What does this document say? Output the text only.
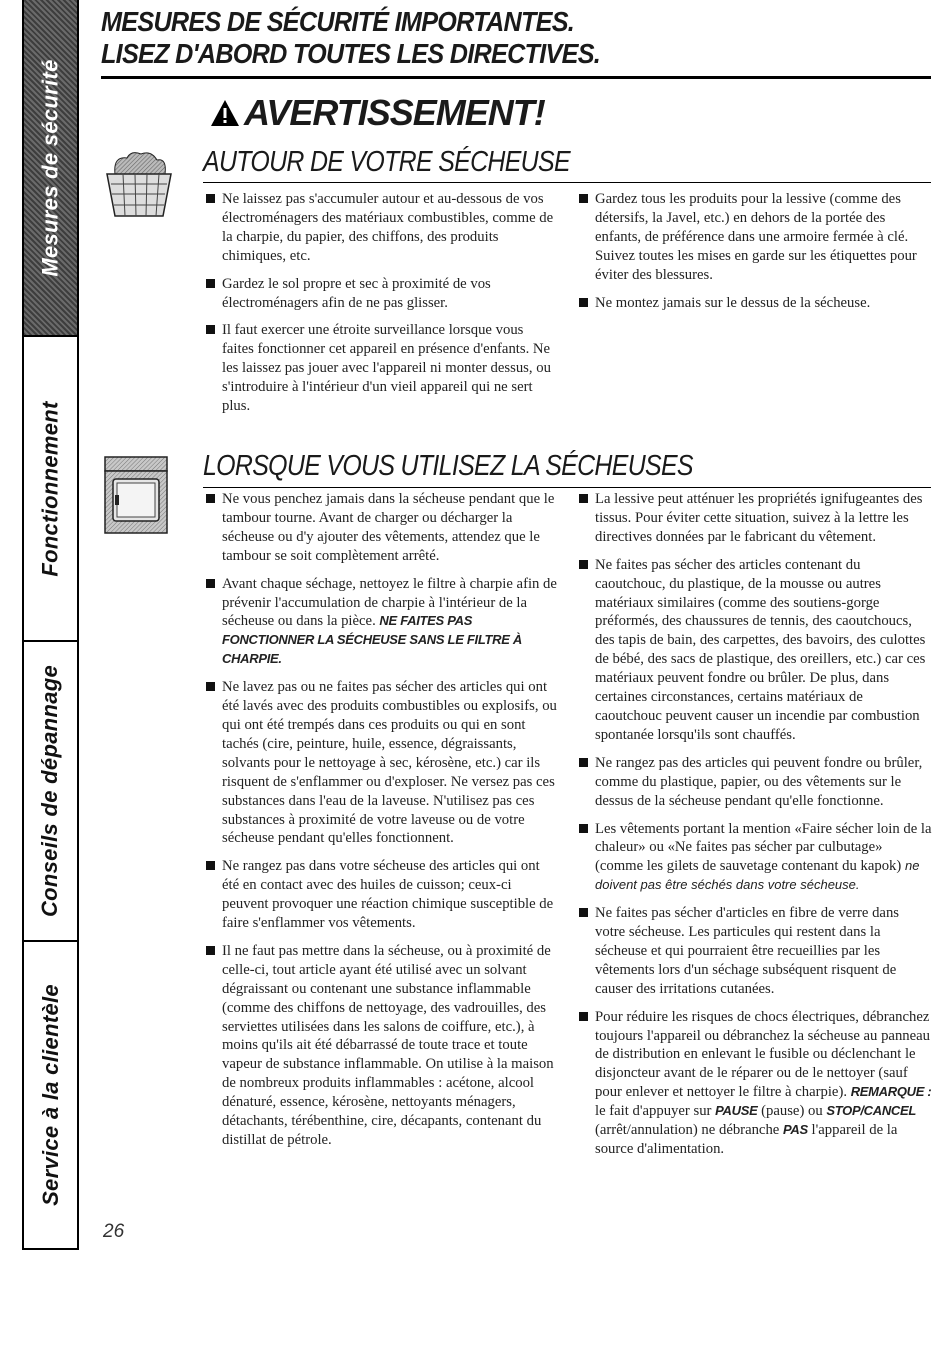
Mesures de sécurité
Fonctionnement
Conseils de dépannage
Service à la clientèle
MESURES DE SÉCURITÉ IMPORTANTES.
LISEZ D'ABORD TOUTES LES DIRECTIVES.
AVERTISSEMENT!
AUTOUR DE VOTRE SÉCHEUSE

Ne laissez pas s'accumuler autour et au-dessous de vos électroménagers des matériaux combustibles, comme de la charpie, du papier, des chiffons, des produits chimiques, etc.

Gardez le sol propre et sec à proximité de vos électroménagers afin de ne pas glisser.

Il faut exercer une étroite surveillance lorsque vous faites fonctionner cet appareil en présence d'enfants. Ne les laissez pas jouer avec l'appareil ni monter dessus, ou s'introduire à l'intérieur d'un vieil appareil qui ne sert plus.

Gardez tous les produits pour la lessive (comme des détersifs, la Javel, etc.) en dehors de la portée des enfants, de préférence dans une armoire fermée à clé. Suivez toutes les mises en garde sur les étiquettes pour éviter des blessures.

Ne montez jamais sur le dessus de la sécheuse.

LORSQUE VOUS UTILISEZ LA SÉCHEUSES

Ne vous penchez jamais dans la sécheuse pendant que le tambour tourne. Avant de charger ou décharger la sécheuse ou d'y ajouter des vêtements, attendez que le tambour se soit complètement arrêté.

Avant chaque séchage, nettoyez le filtre à charpie afin de prévenir l'accumulation de charpie à l'intérieur de la sécheuse ou dans la pièce. NE FAITES PAS FONCTIONNER LA SÉCHEUSE SANS LE FILTRE À CHARPIE.

Ne lavez pas ou ne faites pas sécher des articles qui ont été lavés avec des produits combustibles ou explosifs, ou qui ont été trempés dans ces produits ou qui en sont tachés (cire, peinture, huile, essence, dégraissants, solvants pour le nettoyage à sec, kérosène, etc.) car ils risquent de s'enflammer ou d'exploser. Ne versez pas ces substances dans l'eau de la laveuse. N'utilisez pas ces substances à proximité de votre laveuse ou de votre sécheuse pendant qu'elles fonctionnent.

Ne rangez pas dans votre sécheuse des articles qui ont été en contact avec des huiles de cuisson; ceux-ci peuvent provoquer une réaction chimique susceptible de faire s'enflammer vos vêtements.

Il ne faut pas mettre dans la sécheuse, ou à proximité de celle-ci, tout article ayant été utilisé avec un solvant dégraissant ou contenant une substance inflammable (comme des chiffons de nettoyage, des vadrouilles, des serviettes utilisées dans les salons de coiffure, etc.), à moins qu'ils ait été débarrassé de toute trace et toute vapeur de substance inflammable. On utilise à la maison de nombreux produits inflammables : acétone, alcool dénaturé, essence, kérosène, nettoyants ménagers, détachants, térébenthine, cire, décapants, contenant du distillat de pétrole.

La lessive peut atténuer les propriétés ignifugeantes des tissus. Pour éviter cette situation, suivez à la lettre les directives données par le fabricant du vêtement.

Ne faites pas sécher des articles contenant du caoutchouc, du plastique, de la mousse ou autres matériaux similaires (comme des soutiens-gorge préformés, des chaussures de tennis, des caoutchoucs, des tapis de bain, des carpettes, des bavoirs, des culottes de bébé, des sacs de plastique, des oreillers, etc.) car ces matériaux peuvent fondre ou brûler. De plus, dans certaines circonstances, certains matériaux de caoutchouc peuvent causer un incendie par combustion spontanée lorsqu'ils sont chauffés.

Ne rangez pas des articles qui peuvent fondre ou brûler, comme du plastique, papier, ou des vêtements sur le dessus de la sécheuse pendant qu'elle fonctionne.

Les vêtements portant la mention «Faire sécher loin de la chaleur» ou «Ne faites pas sécher par culbutage» (comme les gilets de sauvetage contenant du kapok) ne doivent pas être séchés dans votre sécheuse.

Ne faites pas sécher d'articles en fibre de verre dans votre sécheuse. Les particules qui restent dans la sécheuse et qui pourraient être recueillies par les vêtements lors d'un séchage subséquent risquent de causer des irritations cutanées.

Pour réduire les risques de chocs électriques, débranchez toujours l'appareil ou débranchez la sécheuse au panneau de distribution en enlevant le fusible ou déclenchant le disjoncteur avant de le réparer ou de le nettoyer (sauf pour enlever et nettoyer le filtre à charpie). REMARQUE : le fait d'appuyer sur PAUSE (pause) ou STOP/CANCEL (arrêt/annulation) ne débranche PAS l'appareil de la source d'alimentation.

26
